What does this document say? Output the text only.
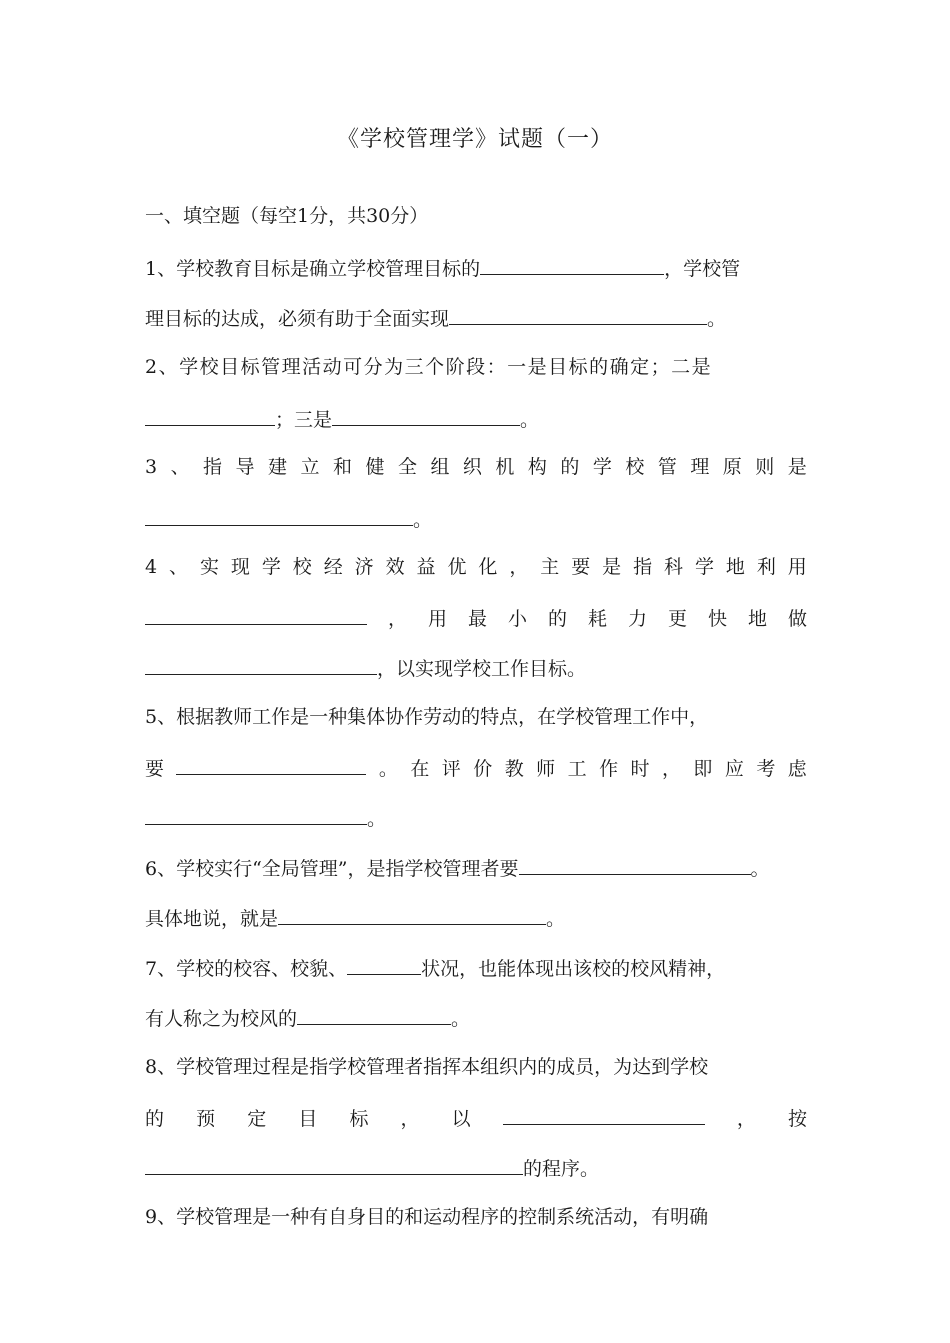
《学校管理学》试题（一）
一、填空题（每空1分，共30分）
1、学校教育目标是确立学校管理目标的	，学校管
理目标的达成，必须有助于全面实现	。
2、学校目标管理活动可分为三个阶段：一是目标的确定；二是
；三是	。
3 、 指 导 建 立 和 健 全 组 织 机 构 的 学 校 管 理 原 则 是
。
4 、 实 现 学 校 经 济 效 益 优 化 ， 主 要 是 指 科 学 地 利 用
， 用 最 小 的 耗 力 更 快 地 做
，以实现学校工作目标。
5、根据教师工作是一种集体协作劳动的特点，在学校管理工作中，
要	。 在 评 价 教 师 工 作 时 ， 即 应 考 虑
。
6、学校实行“全局管理”，是指学校管理者要	。
具体地说，就是	。
7、学校的校容、校貌、	状况，也能体现出该校的校风精神，
有人称之为校风的	。
8、学校管理过程是指学校管理者指挥本组织内的成员，为达到学校
的 预 定 目 标 ， 以	， 按
的程序。
9、学校管理是一种有自身目的和运动程序的控制系统活动，有明确
